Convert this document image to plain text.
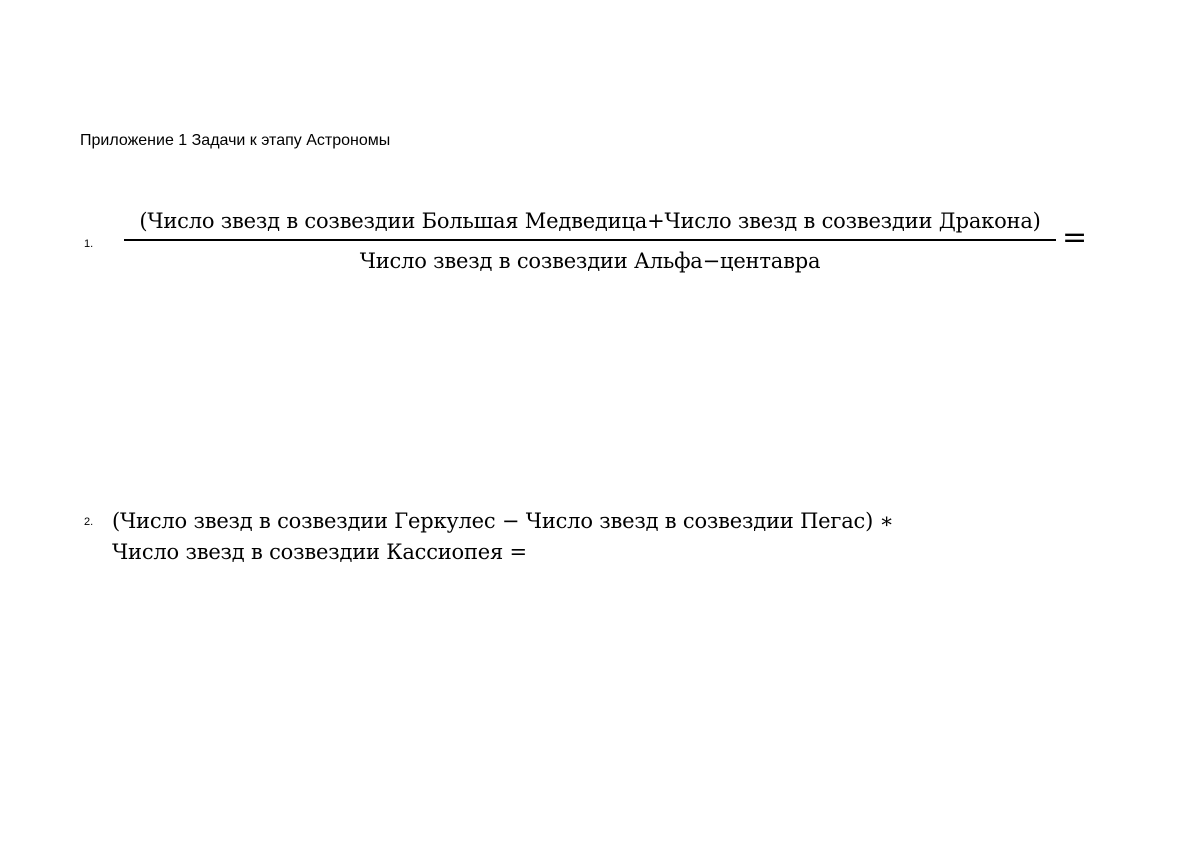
Приложение 1 Задачи к этапу Астрономы
1.
(Число звезд в созвездии Большая Медведица+Число звезд в созвездии Дракона)
Число звезд в созвездии Альфа−центавра
=
2. (Число звезд в созвездии Геркулес − Число звезд в созвездии Пегас) ∗
Число звезд в созвездии Кассиопея =
